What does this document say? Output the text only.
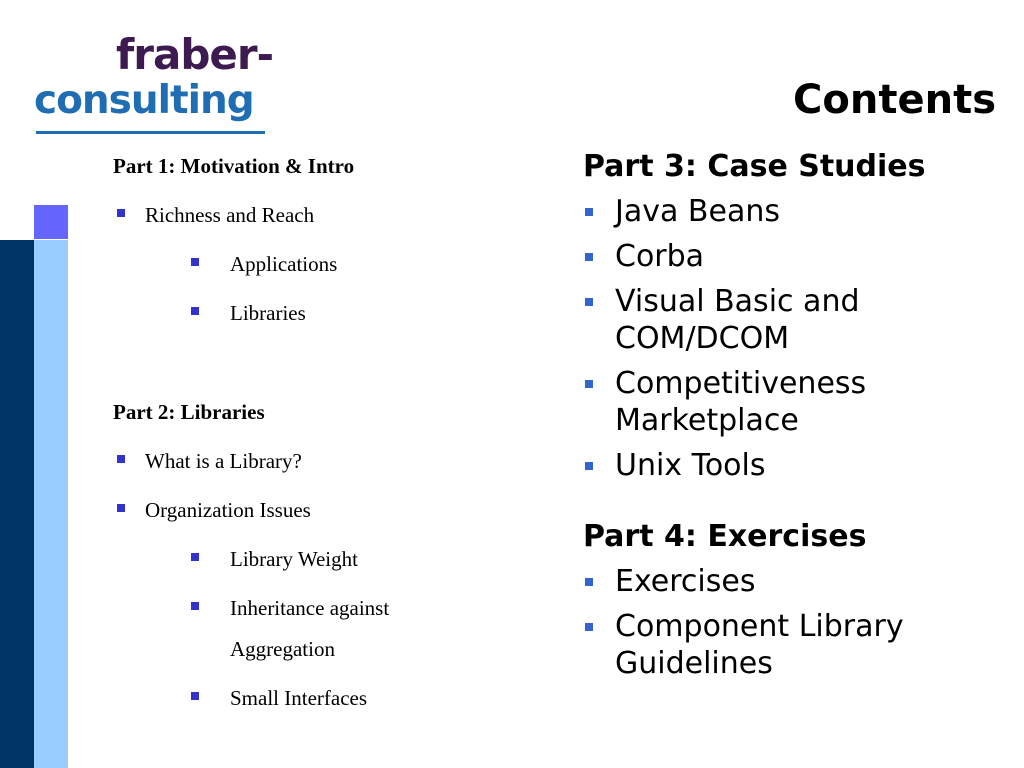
fraber-
consulting	Contents
Part 1: Motivation & Intro
Richness and Reach
Applications
Libraries
Part 2: Libraries
What is a Library?
Organization Issues
Library Weight
Inheritance against
Aggregation
Small Interfaces
Part 3: Case Studies
Java Beans
Corba
Visual Basic and COM/DCOM
Competitiveness Marketplace
Unix Tools
Part 4: Exercises
Exercises
Component Library Guidelines
